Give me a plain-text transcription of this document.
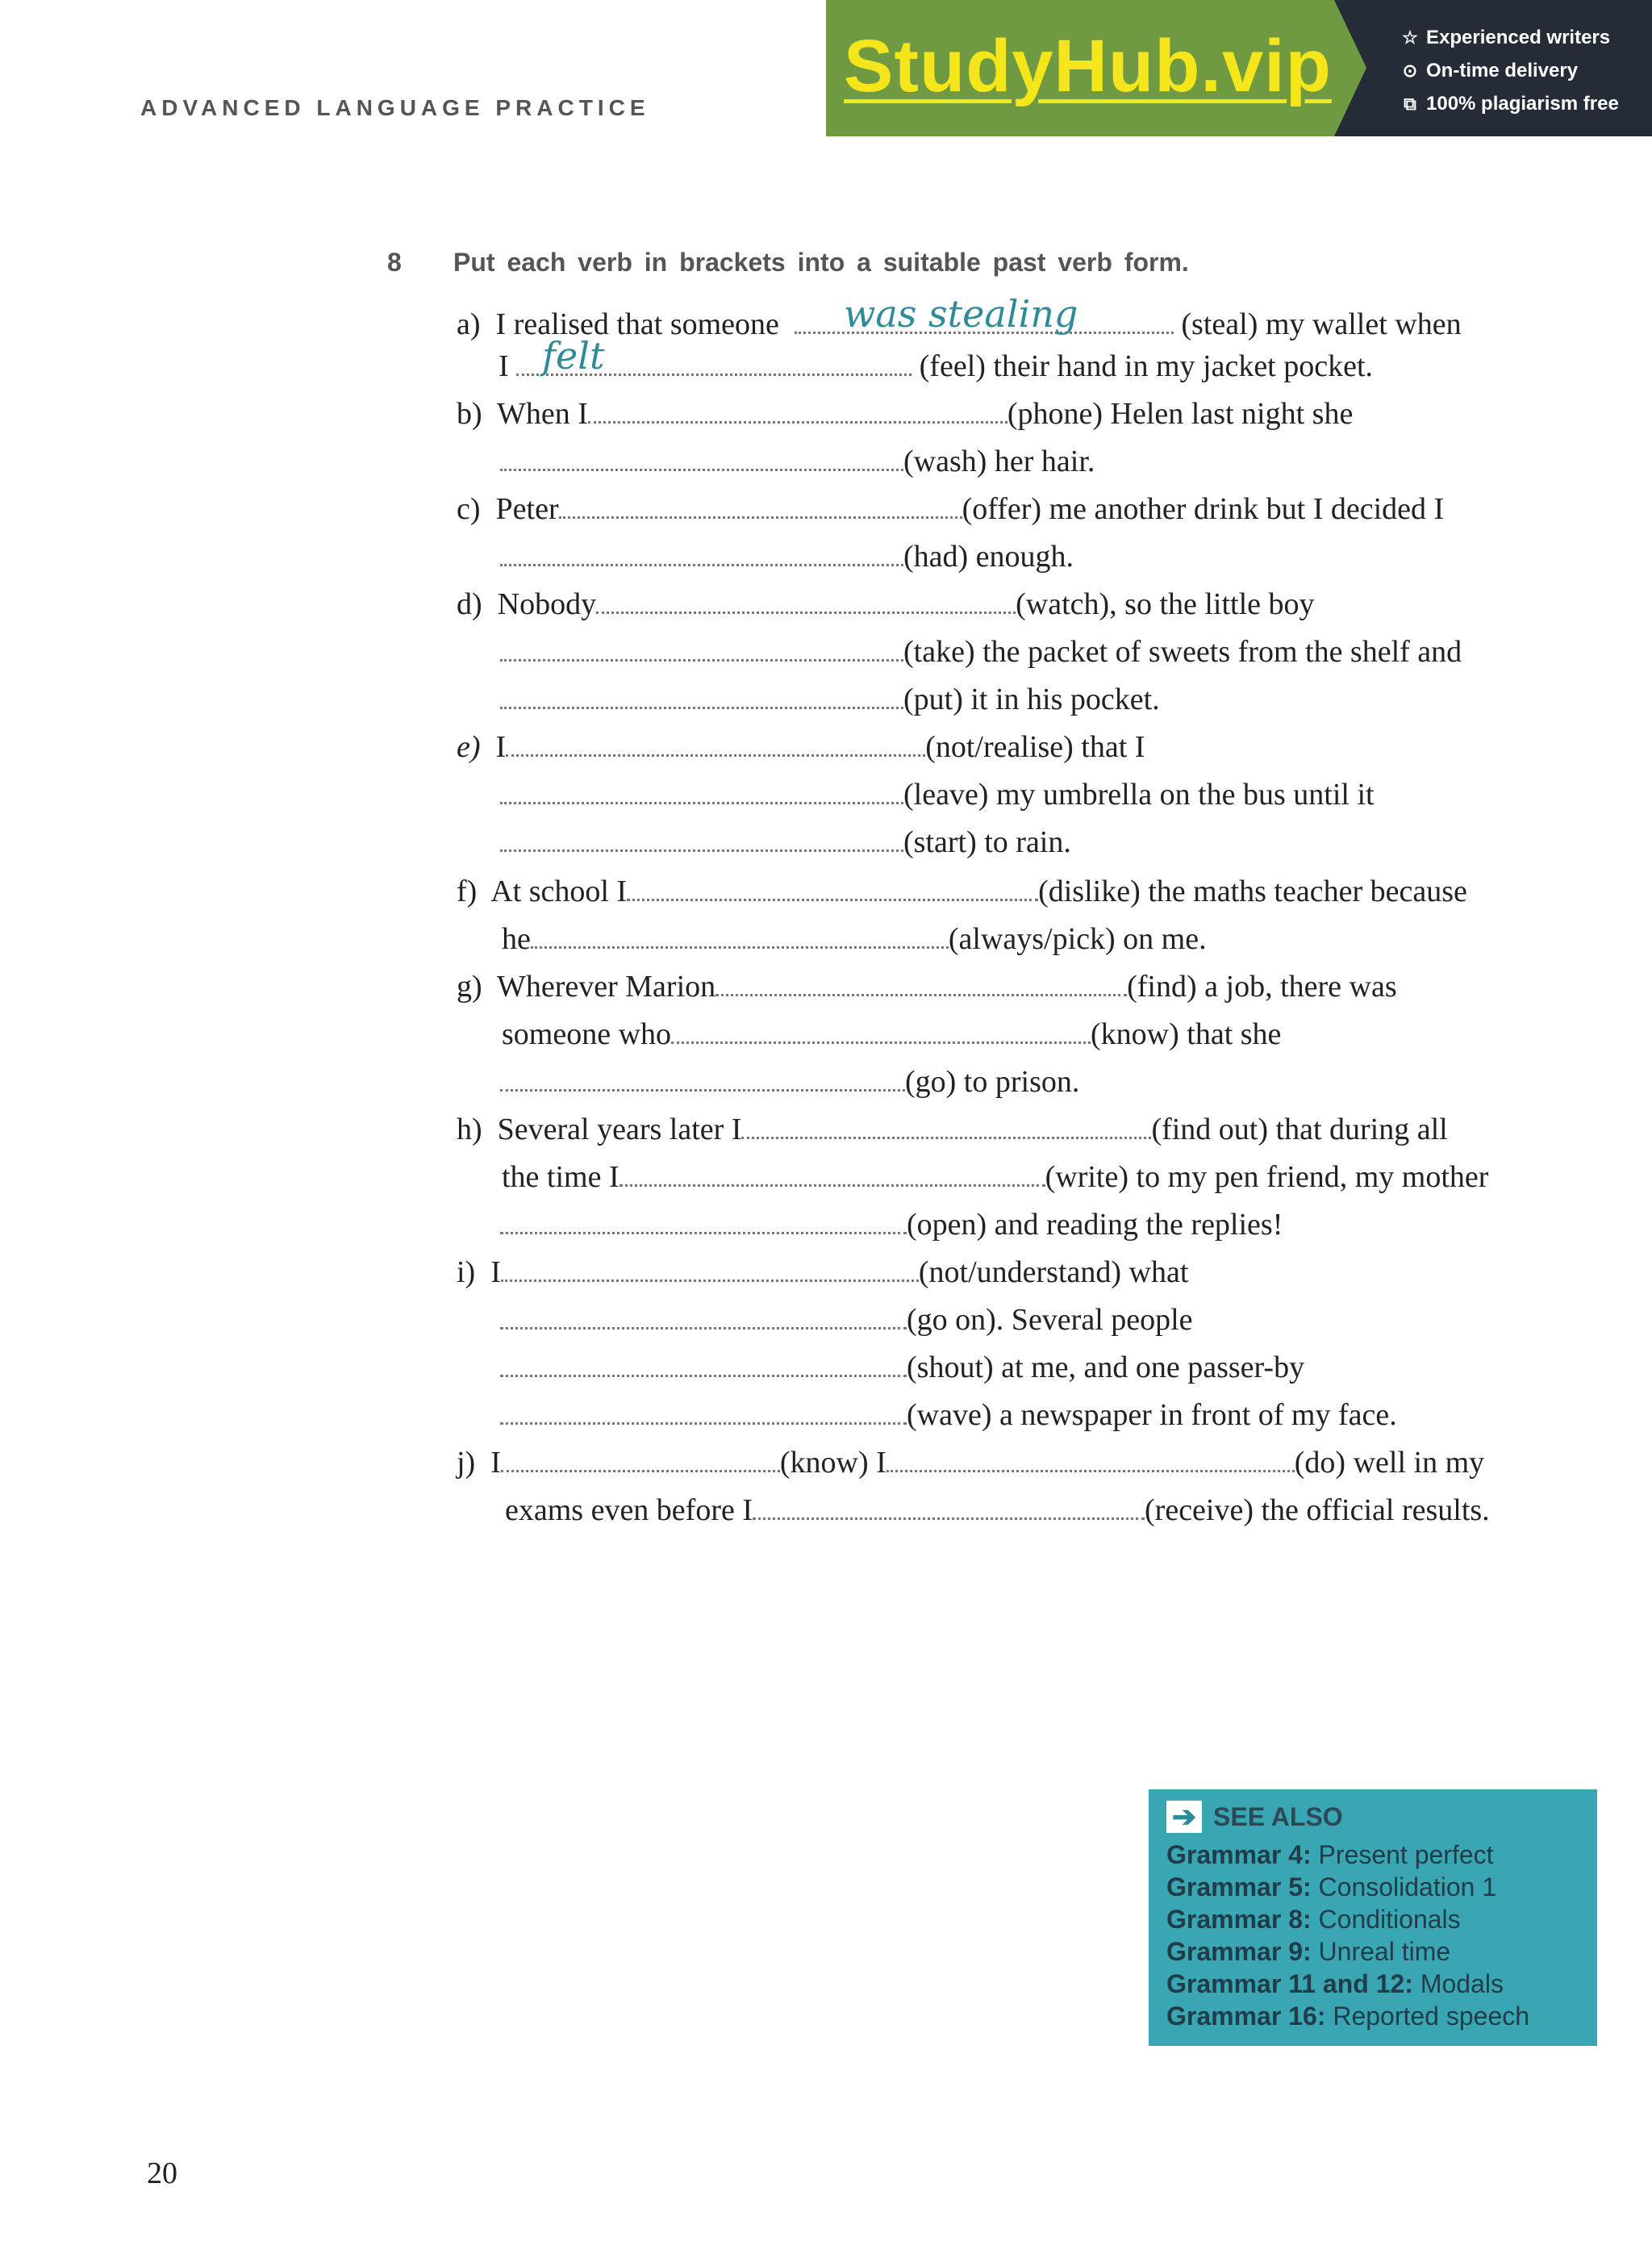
ADVANCED LANGUAGE PRACTICE
StudyHub.vip	☆ Experienced writers
⊙ On-time delivery
⧉ 100% plagiarism free
8 Put each verb in brackets into a suitable past verb form.
a) I realised that someone	(steal) my wallet when
was stealing
I	(feel) their hand in my jacket pocket.
felt
b) When I	(phone) Helen last night she
(wash) her hair.
c) Peter	(offer) me another drink but I decided I
(had) enough.
d) Nobody	(watch), so the little boy
(take) the packet of sweets from the shelf and
(put) it in his pocket.
e) I	(not/realise) that I
(leave) my umbrella on the bus until it
(start) to rain.
f) At school I	(dislike) the maths teacher because
he	(always/pick) on me.
g) Wherever Marion	(find) a job, there was
someone who	(know) that she
(go) to prison.
h) Several years later I	(find out) that during all
the time I	(write) to my pen friend, my mother
(open) and reading the replies!
i) I	(not/understand) what
(go on). Several people
(shout) at me, and one passer-by
(wave) a newspaper in front of my face.
j) I	(know) I	(do) well in my
exams even before I	(receive) the official results.
➔ SEE ALSO
Grammar 4: Present perfect
Grammar 5: Consolidation 1
Grammar 8: Conditionals
Grammar 9: Unreal time
Grammar 11 and 12: Modals
Grammar 16: Reported speech
20
